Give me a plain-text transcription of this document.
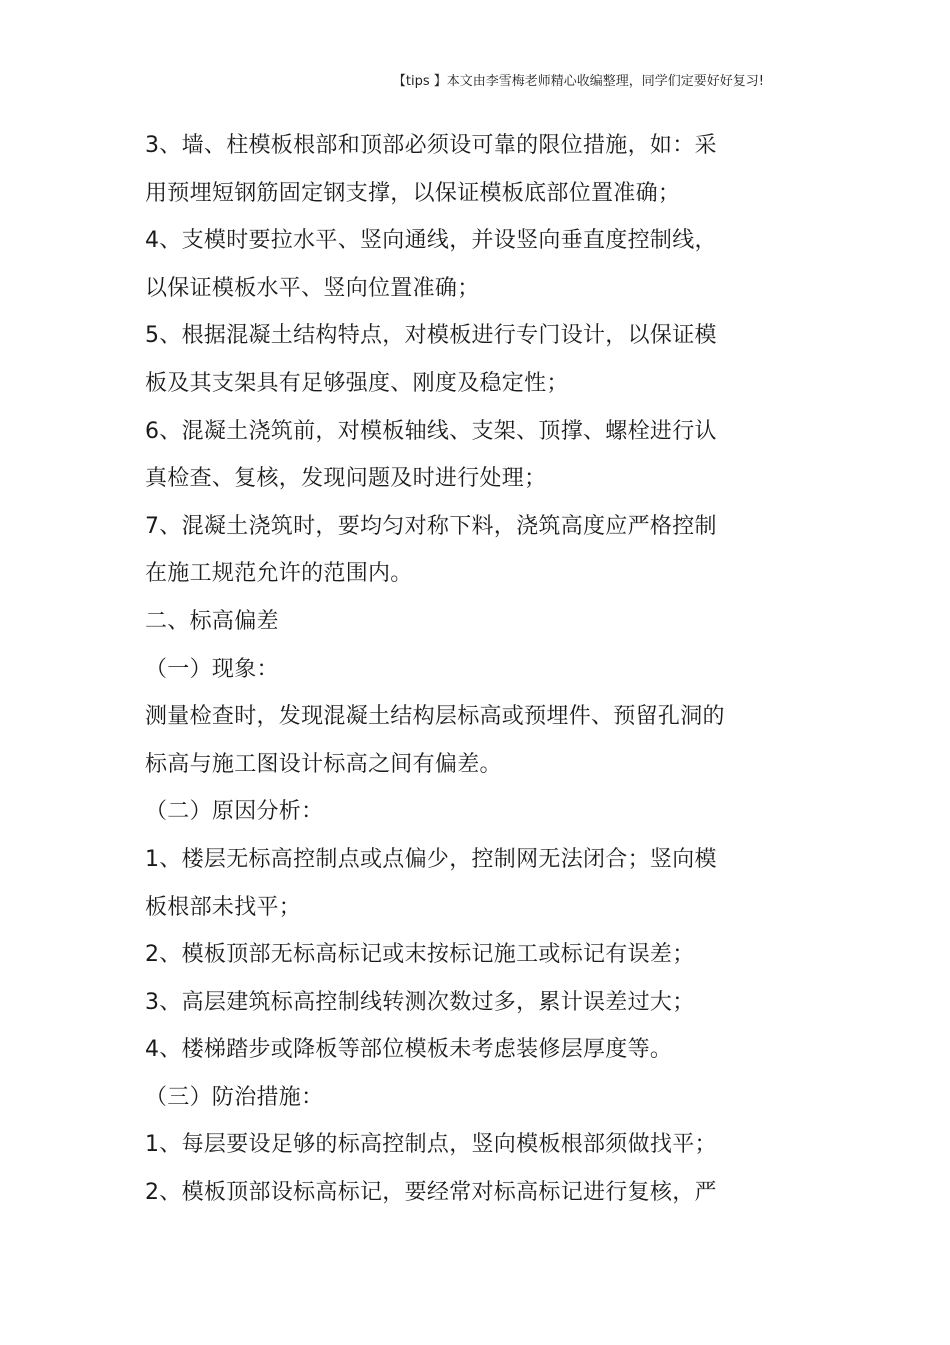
【tips 】本文由李雪梅老师精心收编整理，同学们定要好好复习!
3、墙、柱模板根部和顶部必须设可靠的限位措施，如：采
用预埋短钢筋固定钢支撑，以保证模板底部位置准确；
4、支模时要拉水平、竖向通线，并设竖向垂直度控制线，
以保证模板水平、竖向位置准确；
5、根据混凝土结构特点，对模板进行专门设计，以保证模
板及其支架具有足够强度、刚度及稳定性；
6、混凝土浇筑前，对模板轴线、支架、顶撑、螺栓进行认
真检查、复核，发现问题及时进行处理；
7、混凝土浇筑时，要均匀对称下料，浇筑高度应严格控制
在施工规范允许的范围内。
二、标高偏差
（一）现象：
测量检查时，发现混凝土结构层标高或预埋件、预留孔洞的
标高与施工图设计标高之间有偏差。
（二）原因分析：
1、楼层无标高控制点或点偏少，控制网无法闭合；竖向模
板根部未找平；
2、模板顶部无标高标记或末按标记施工或标记有误差；
3、高层建筑标高控制线转测次数过多，累计误差过大；
4、楼梯踏步或降板等部位模板未考虑装修层厚度等。
（三）防治措施：
1、每层要设足够的标高控制点，竖向模板根部须做找平；
2、模板顶部设标高标记，要经常对标高标记进行复核，严
